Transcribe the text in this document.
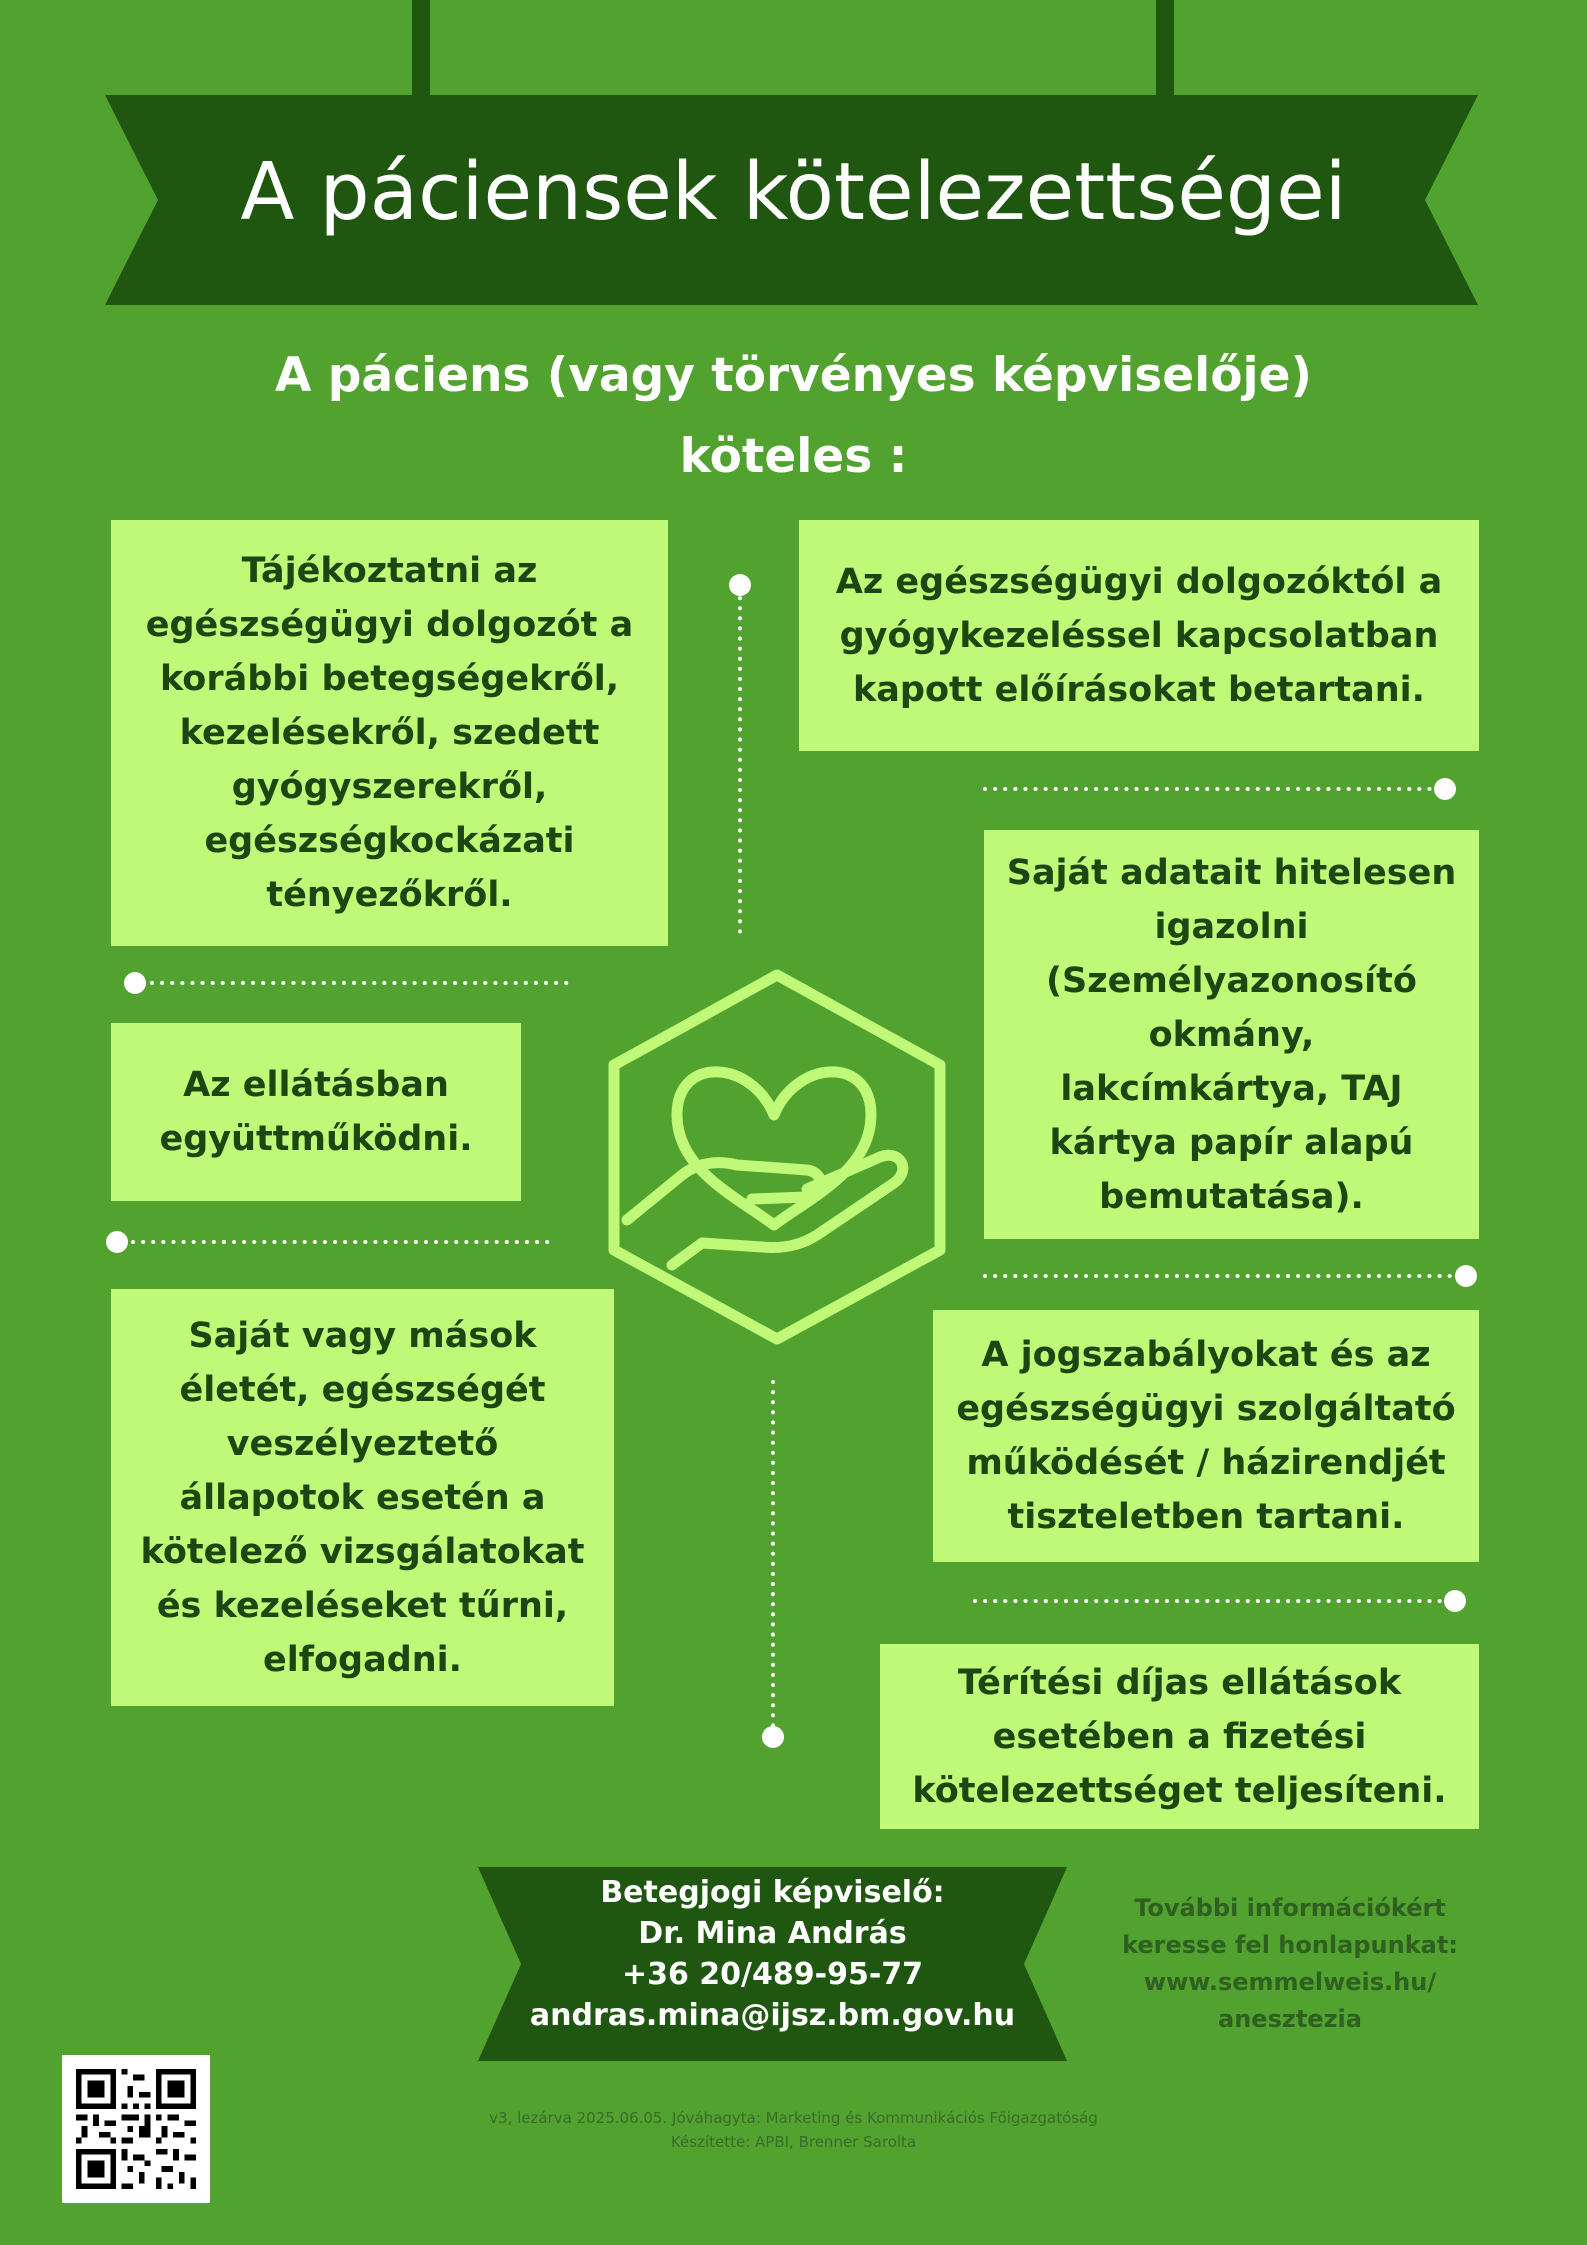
A páciensek kötelezettségei
A páciens (vagy törvényes képviselője)
köteles :
Tájékoztatni az
egészségügyi dolgozót a
korábbi betegségekről,
kezelésekről, szedett
gyógyszerekről,
egészségkockázati
tényezőkről.
Az egészségügyi dolgozóktól a
gyógykezeléssel kapcsolatban
kapott előírásokat betartani.
Saját adatait hitelesen
igazolni
(Személyazonosító
okmány,
lakcímkártya, TAJ
kártya papír alapú
bemutatása).
Az ellátásban
együttműködni.
A jogszabályokat és az
egészségügyi szolgáltató
működését / házirendjét
tiszteletben tartani.
Saját vagy mások
életét, egészségét
veszélyeztető
állapotok esetén a
kötelező vizsgálatokat
és kezeléseket tűrni,
elfogadni.
Térítési díjas ellátások
esetében a fizetési
kötelezettséget teljesíteni.
Betegjogi képviselő:
Dr. Mina András
+36 20/489-95-77
andras.mina@ijsz.bm.gov.hu
További információkért
keresse fel honlapunkat:
www.semmelweis.hu/
anesztezia
v3, lezárva 2025.06.05. Jóváhagyta: Marketing és Kommunikációs Főigazgatóság
Készítette: APBI, Brenner Sarolta
